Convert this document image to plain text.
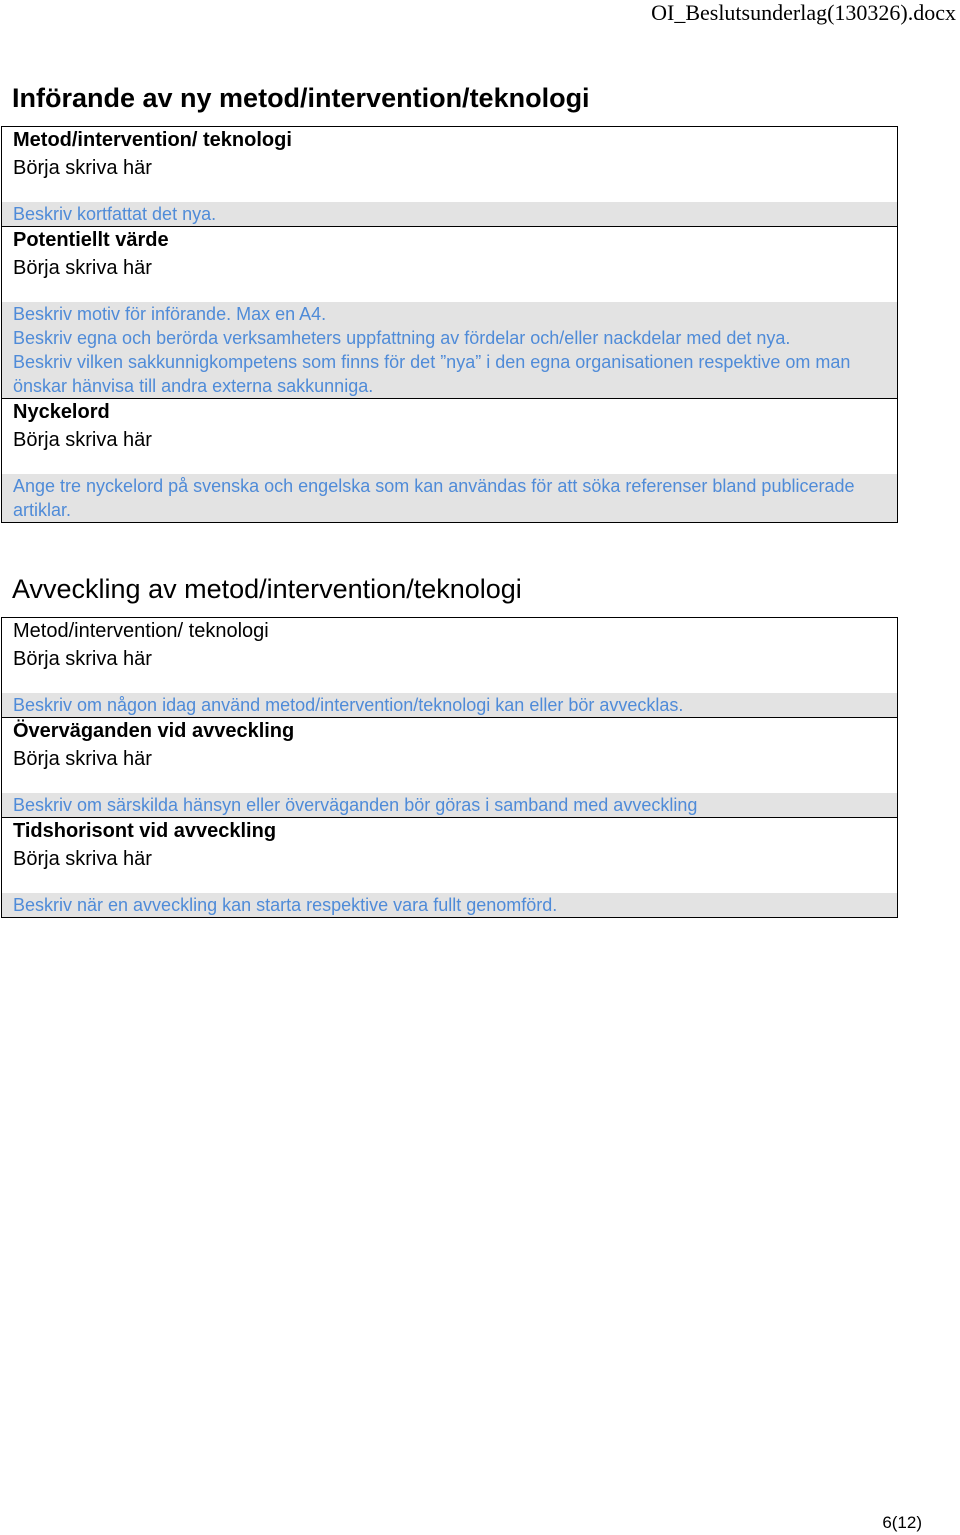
OI_Beslutsunderlag(130326).docx
Införande av ny metod/intervention/teknologi
Metod/intervention/ teknologi
Börja skriva här
Beskriv kortfattat det nya.
Potentiellt värde
Börja skriva här
Beskriv motiv för införande. Max en A4.
Beskriv egna och berörda verksamheters uppfattning av fördelar och/eller nackdelar med det nya.
Beskriv vilken sakkunnigkompetens som finns för det ”nya” i den egna organisationen respektive om man önskar hänvisa till andra externa sakkunniga.
Nyckelord
Börja skriva här
Ange tre nyckelord på svenska och engelska som kan användas för att söka referenser bland publicerade artiklar.
Avveckling av metod/intervention/teknologi
Metod/intervention/ teknologi
Börja skriva här
Beskriv om någon idag använd metod/intervention/teknologi kan eller bör avvecklas.
Överväganden vid avveckling
Börja skriva här
Beskriv om särskilda hänsyn eller överväganden bör göras i samband med avveckling
Tidshorisont vid avveckling
Börja skriva här
Beskriv när en avveckling kan starta respektive vara fullt genomförd.
6(12)
